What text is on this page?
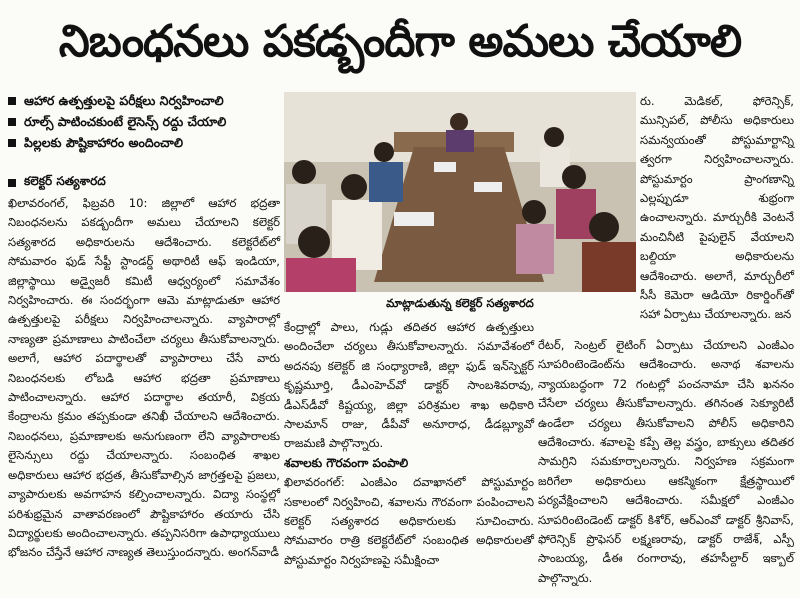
నిబంధనలు పకడ్బందీగా అమలు చేయాలి
ఆహార ఉత్పత్తులపై పరీక్షలు నిర్వహించాలి
రూల్స్ పాటించకుంటే లైసెన్స్ రద్దు చేయాలి
పిల్లలకు పౌష్టికాహారం అందించాలి
కలెక్టర్ సత్యశారద

ఖిలావరంగల్, ఫిబ్రవరి 10: జిల్లాలో ఆహార భద్రతా నిబంధనలను పకడ్బందీగా అమలు చేయాలని కలెక్టర్ సత్యశారద అధికారులను ఆదేశించారు. కలెక్టరేట్‌లో సోమవారం ఫుడ్ సేఫ్టీ స్టాండర్డ్ అథారిటీ ఆఫ్ ఇండియా, జిల్లాస్థాయి అడ్వైజరీ కమిటీ ఆధ్వర్యంలో సమావేశం నిర్వహించారు. ఈ సందర్భంగా ఆమె మాట్లాడుతూ ఆహార ఉత్పత్తులపై పరీక్షలు నిర్వహించాలన్నారు. వ్యాపారాల్లో నాణ్యతా ప్రమాణాలు పాటించేలా చర్యలు తీసుకోవాలన్నారు. అలాగే, ఆహార పదార్థాలతో వ్యాపారాలు చేసే వారు నిబంధనలకు లోబడి ఆహార భద్రతా ప్రమాణాలు పాటించాలన్నారు. ఆహార పదార్థాల తయారీ, విక్రయ కేంద్రాలను క్రమం తప్పకుండా తనిఖీ చేయాలని ఆదేశించారు. నిబంధనలు, ప్రమాణాలకు అనుగుణంగా లేని వ్యాపారాలకు లైసెన్సులు రద్దు చేయాలన్నారు. సంబంధిత శాఖల అధికారులు ఆహార భద్రత, తీసుకోవాల్సిన జాగ్రత్తలపై ప్రజలు, వ్యాపారులకు అవగాహన కల్పించాలన్నారు. విద్యా సంస్థల్లో పరిశుభ్రమైన వాతావరణంలో పౌష్టికాహారం తయారు చేసి విద్యార్థులకు అందించాలన్నారు. తప్పనిసరిగా ఉపాధ్యాయులు భోజనం చేస్తేనే ఆహార నాణ్యత తెలుస్తుందన్నారు. అంగన్‌వాడీ

మాట్లాడుతున్న కలెక్టర్ సత్యశారద

రు. మెడికల్, ఫోరెన్సిక్, మున్సిపల్, పోలీసు అధికారులు సమన్వయంతో పోస్టుమార్టాన్ని త్వరగా నిర్వహించాలన్నారు. పోస్టుమార్టం ప్రాంగణాన్ని ఎల్లప్పుడూ శుభ్రంగా ఉంచాలన్నారు. మార్చురీకి వెంటనే మంచినీటి పైపులైన్ వేయాలని బల్దియా అధికారులను ఆదేశించారు. అలాగే, మార్చురీలో సీసీ కెమెరా ఆడియో రికార్డింగ్‌తో సహా ఏర్పాటు చేయాలన్నారు. జన

కేంద్రాల్లో పాలు, గుడ్లు తదితర ఆహార ఉత్పత్తులు అందించేలా చర్యలు తీసుకోవాలన్నారు. సమావేశంలో అదనపు కలెక్టర్ జి సంధ్యారాణి, జిల్లా ఫుడ్ ఇన్‌స్పెక్టర్ కృష్ణమూర్తి, డీఎంహెచ్‌వో డాక్టర్ సాంబశివరావు, డీఎస్‌డీవో కిష్టయ్య, జిల్లా పరిశ్రమల శాఖ అధికారి సాలమాన్ రాజు, డీపీవో అనూరాధ, డీడబ్ల్యూవో రాజమణి పాల్గొన్నారు.

శవాలకు గౌరవంగా పంపాలి

ఖిలావరంగల్: ఎంజీఎం దవాఖానలో పోస్టుమార్టం సకాలంలో నిర్వహించి, శవాలను గౌరవంగా పంపించాలని కలెక్టర్ సత్యశారద అధికారులకు సూచించారు. సోమవారం రాత్రి కలెక్టరేట్‌లో సంబంధిత అధికారులతో పోస్టుమార్టం నిర్వహణపై సమీక్షించా

రేటర్, సెంట్రల్ లైటింగ్ ఏర్పాటు చేయాలని ఎంజీఎం సూపరింటెండెంట్‌ను ఆదేశించారు. అనాథ శవాలను న్యాయబద్ధంగా 72 గంటల్లో పంచనామా చేసి ఖననం చేసేలా చర్యలు తీసుకోవాలన్నారు. తగినంత సెక్యూరిటీ ఉండేలా చర్యలు తీసుకోవాలని పోలీస్ అధికారిని ఆదేశించారు. శవాలపై కప్పే తెల్ల వస్త్రం, బాక్సులు తదితర సామగ్రిని సమకూర్చాలన్నారు. నిర్వహణ సక్రమంగా జరిగేలా అధికారులు ఆకస్మికంగా క్షేత్రస్థాయిలో పర్యవేక్షించాలని ఆదేశించారు. సమీక్షలో ఎంజీఎం సూపరింటెండెంట్ డాక్టర్ కిశోర్, ఆర్‌ఎంవో డాక్టర్ శ్రీనివాస్, ఫోరెన్సిక్ ప్రొఫెసర్ లక్ష్మణరావు, డాక్టర్ రాజేశ్, ఎస్పీ సాంబయ్య, డీఈ రంగారావు, తహసీల్దార్ ఇక్బాల్ పాల్గొన్నారు.
